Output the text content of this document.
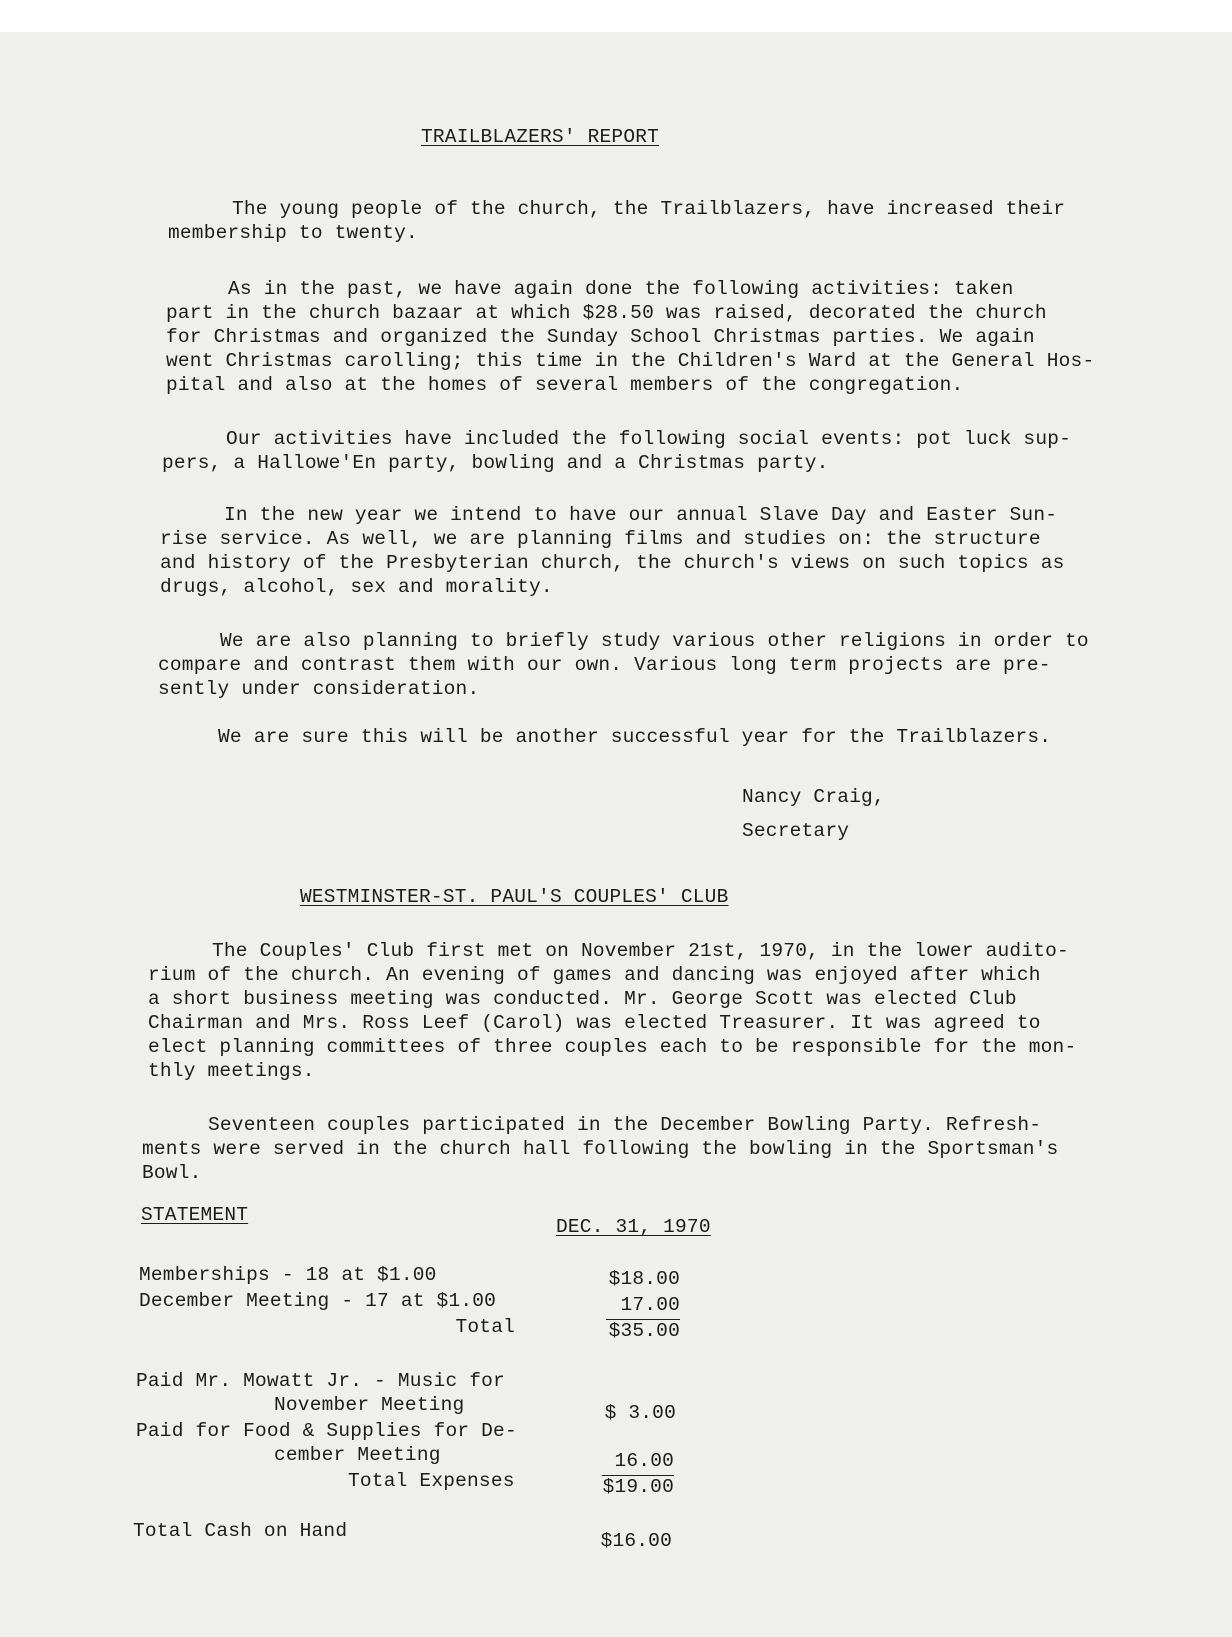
TRAILBLAZERS' REPORT
The young people of the church, the Trailblazers, have increased their
membership to twenty.
As in the past, we have again done the following activities: taken
part in the church bazaar at which $28.50 was raised, decorated the church
for Christmas and organized the Sunday School Christmas parties. We again
went Christmas carolling; this time in the Children's Ward at the General Hos-
pital and also at the homes of several members of the congregation.
Our activities have included the following social events: pot luck sup-
pers, a Hallowe'En party, bowling and a Christmas party.
In the new year we intend to have our annual Slave Day and Easter Sun-
rise service. As well, we are planning films and studies on: the structure
and history of the Presbyterian church, the church's views on such topics as
drugs, alcohol, sex and morality.
We are also planning to briefly study various other religions in order to
compare and contrast them with our own. Various long term projects are pre-
sently under consideration.
We are sure this will be another successful year for the Trailblazers.
Nancy Craig,
Secretary
WESTMINSTER-ST. PAUL'S COUPLES' CLUB
The Couples' Club first met on November 21st, 1970, in the lower audito-
rium of the church. An evening of games and dancing was enjoyed after which
a short business meeting was conducted. Mr. George Scott was elected Club
Chairman and Mrs. Ross Leef (Carol) was elected Treasurer. It was agreed to
elect planning committees of three couples each to be responsible for the mon-
thly meetings.
Seventeen couples participated in the December Bowling Party. Refresh-
ments were served in the church hall following the bowling in the Sportsman's
Bowl.
STATEMENT
DEC. 31, 1970
Memberships - 18 at $1.00	$18.00
December Meeting - 17 at $1.00	17.00
Total	$35.00
Paid Mr. Mowatt Jr. - Music for
November Meeting	$ 3.00
Paid for Food & Supplies for De-
cember Meeting	16.00
Total Expenses	$19.00
Total Cash on Hand	$16.00
